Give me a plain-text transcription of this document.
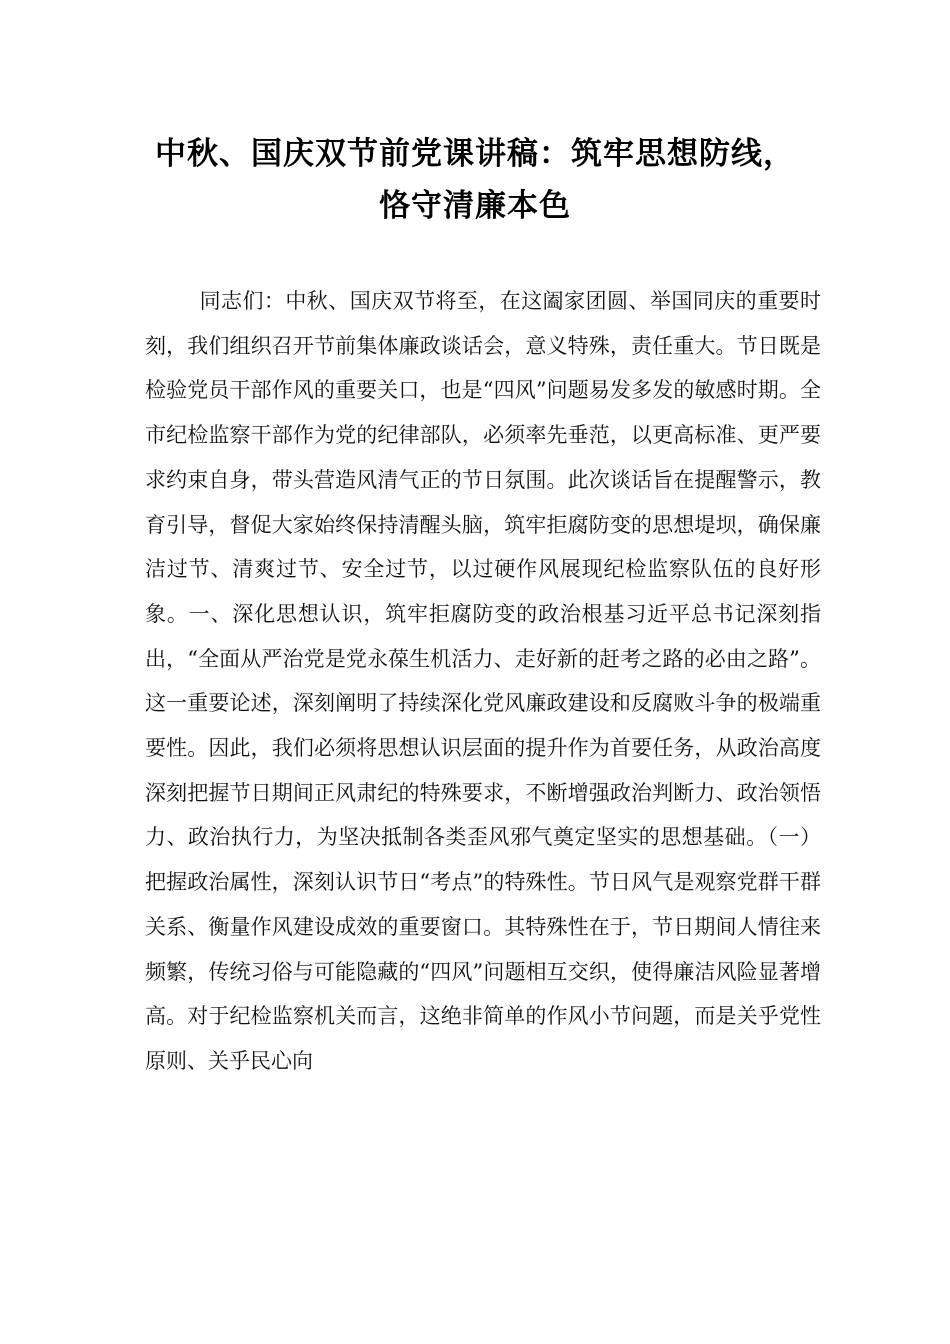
中秋、国庆双节前党课讲稿：筑牢思想防线，恪守清廉本色

同志们：中秋、国庆双节将至，在这阖家团圆、举国同庆的重要时刻，我们组织召开节前集体廉政谈话会，意义特殊，责任重大。节日既是检验党员干部作风的重要关口，也是“四风”问题易发多发的敏感时期。全市纪检监察干部作为党的纪律部队，必须率先垂范，以更高标准、更严要求约束自身，带头营造风清气正的节日氛围。此次谈话旨在提醒警示，教育引导，督促大家始终保持清醒头脑，筑牢拒腐防变的思想堤坝，确保廉洁过节、清爽过节、安全过节，以过硬作风展现纪检监察队伍的良好形象。一、深化思想认识，筑牢拒腐防变的政治根基习近平总书记深刻指出，“全面从严治党是党永葆生机活力、走好新的赶考之路的必由之路”。这一重要论述，深刻阐明了持续深化党风廉政建设和反腐败斗争的极端重要性。因此，我们必须将思想认识层面的提升作为首要任务，从政治高度深刻把握节日期间正风肃纪的特殊要求，不断增强政治判断力、政治领悟力、政治执行力，为坚决抵制各类歪风邪气奠定坚实的思想基础。（一）把握政治属性，深刻认识节日“考点”的特殊性。节日风气是观察党群干群关系、衡量作风建设成效的重要窗口。其特殊性在于，节日期间人情往来频繁，传统习俗与可能隐藏的“四风”问题相互交织，使得廉洁风险显著增高。对于纪检监察机关而言，这绝非简单的作风小节问题，而是关乎党性原则、关乎民心向
